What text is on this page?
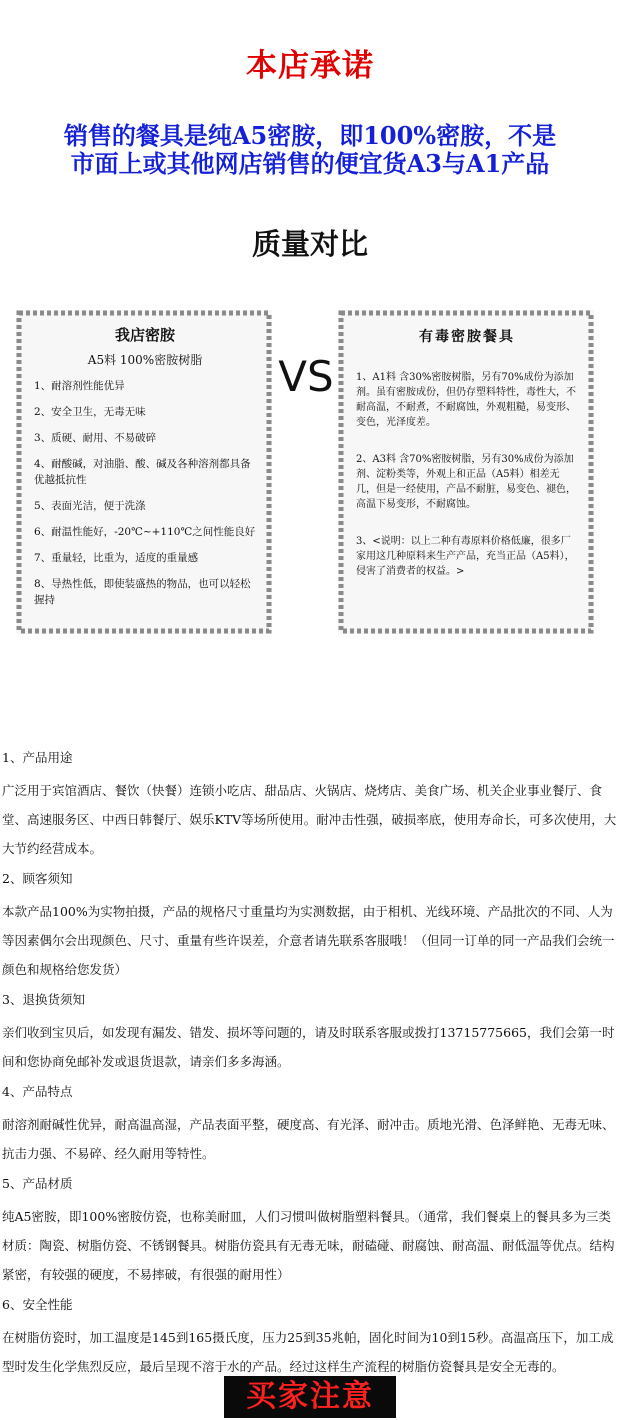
本店承诺
销售的餐具是纯A5密胺，即100%密胺，不是
市面上或其他网店销售的便宜货A3与A1产品
质量对比
我店密胺
A5料 100%密胺树脂
1、耐溶剂性能优异
2、安全卫生，无毒无味
3、质硬、耐用、不易破碎
4、耐酸碱，对油脂、酸、碱及各种溶剂都具备优越抵抗性
5、表面光洁，便于洗涤
6、耐温性能好，-20℃~+110℃之间性能良好
7、重量轻，比重为，适度的重量感
8、导热性低，即使装盛热的物品，也可以轻松握持
VS
有毒密胺餐具
1、A1料 含30%密胺树脂，另有70%成份为添加剂。虽有密胺成份，但仍存塑料特性，毒性大，不耐高温，不耐煮，不耐腐蚀，外观粗糙，易变形、变色，光泽度差。
2、A3料 含70%密胺树脂，另有30%成份为添加剂、淀粉类等，外观上和正品（A5料）相差无几，但是一经使用，产品不耐脏，易变色、褪色，高温下易变形，不耐腐蚀。
3、<说明：以上二种有毒原料价格低廉，很多厂家用这几种原料来生产产品，充当正品（A5料），侵害了消费者的权益。>
1、产品用途
广泛用于宾馆酒店、餐饮（快餐）连锁小吃店、甜品店、火锅店、烧烤店、美食广场、机关企业事业餐厅、食堂、高速服务区、中西日韩餐厅、娱乐KTV等场所使用。耐冲击性强，破损率底，使用寿命长，可多次使用，大大节约经营成本。
2、顾客须知
本款产品100%为实物拍摄，产品的规格尺寸重量均为实测数据，由于相机、光线环境、产品批次的不同、人为等因素偶尔会出现颜色、尺寸、重量有些许误差，介意者请先联系客服哦！（但同一订单的同一产品我们会统一颜色和规格给您发货）
3、退换货须知
亲们收到宝贝后，如发现有漏发、错发、损坏等问题的，请及时联系客服或拨打13715775665，我们会第一时间和您协商免邮补发或退货退款，请亲们多多海涵。
4、产品特点
耐溶剂耐碱性优异，耐高温高湿，产品表面平整，硬度高、有光泽、耐冲击。质地光滑、色泽鲜艳、无毒无味、抗击力强、不易碎、经久耐用等特性。
5、产品材质
纯A5密胺，即100%密胺仿瓷，也称美耐皿，人们习惯叫做树脂塑料餐具。（通常，我们餐桌上的餐具多为三类材质：陶瓷、树脂仿瓷、不锈钢餐具。树脂仿瓷具有无毒无味，耐磕碰、耐腐蚀、耐高温、耐低温等优点。结构紧密，有较强的硬度，不易摔破，有很强的耐用性）
6、安全性能
在树脂仿瓷时，加工温度是145到165摄氏度，压力25到35兆帕，固化时间为10到15秒。高温高压下，加工成型时发生化学焦烈反应，最后呈现不溶于水的产品。经过这样生产流程的树脂仿瓷餐具是安全无毒的。
买家注意
